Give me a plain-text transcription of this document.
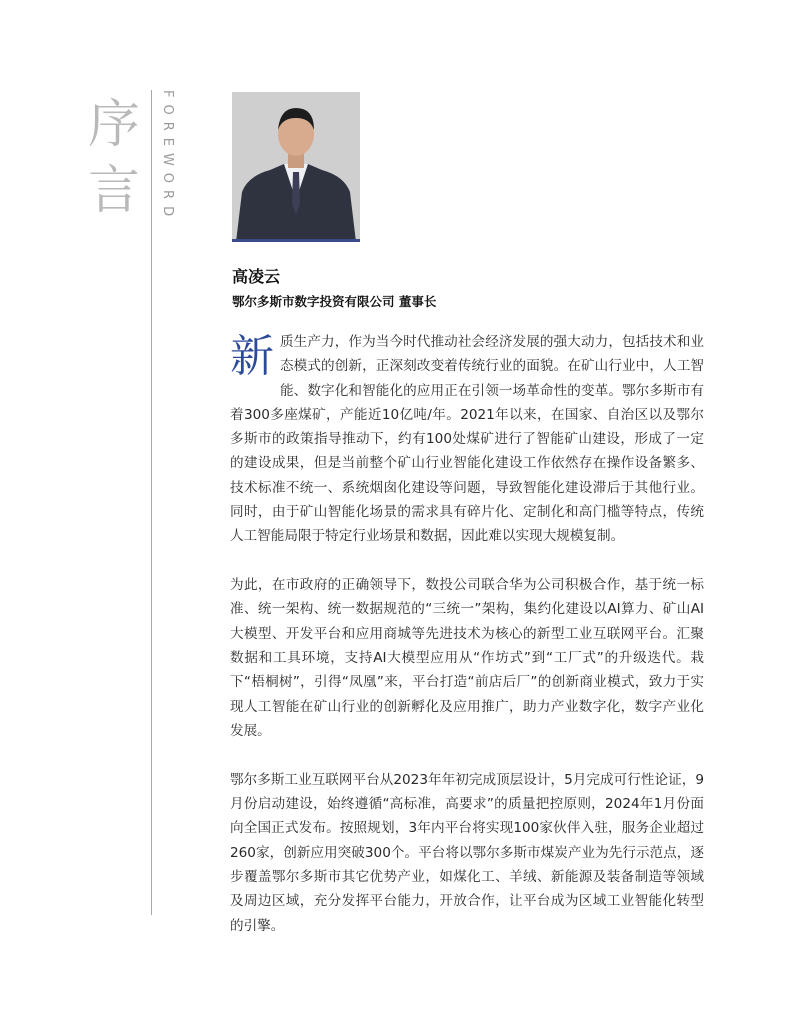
序
言	FOREWORD
高凌云
鄂尔多斯市数字投资有限公司 董事长

新 质生产力，作为当今时代推动社会经济发展的强大动力，包括技术和业态模式的创新，正深刻改变着传统行业的面貌。在矿山行业中，人工智能、数字化和智能化的应用正在引领一场革命性的变革。鄂尔多斯市有着300多座煤矿，产能近10亿吨/年。2021年以来，在国家、自治区以及鄂尔多斯市的政策指导推动下，约有100处煤矿进行了智能矿山建设，形成了一定的建设成果，但是当前整个矿山行业智能化建设工作依然存在操作设备繁多、技术标准不统一、系统烟囱化建设等问题，导致智能化建设滞后于其他行业。同时，由于矿山智能化场景的需求具有碎片化、定制化和高门槛等特点，传统人工智能局限于特定行业场景和数据，因此难以实现大规模复制。

为此，在市政府的正确领导下，数投公司联合华为公司积极合作，基于统一标准、统一架构、统一数据规范的“三统一”架构，集约化建设以AI算力、矿山AI大模型、开发平台和应用商城等先进技术为核心的新型工业互联网平台。汇聚数据和工具环境，支持AI大模型应用从“作坊式”到“工厂式”的升级迭代。栽下“梧桐树”，引得“凤凰”来，平台打造“前店后厂”的创新商业模式，致力于实现人工智能在矿山行业的创新孵化及应用推广，助力产业数字化，数字产业化发展。

鄂尔多斯工业互联网平台从2023年年初完成顶层设计，5月完成可行性论证，9月份启动建设，始终遵循“高标准，高要求”的质量把控原则，2024年1月份面向全国正式发布。按照规划，3年内平台将实现100家伙伴入驻，服务企业超过260家，创新应用突破300个。平台将以鄂尔多斯市煤炭产业为先行示范点，逐步覆盖鄂尔多斯市其它优势产业，如煤化工、羊绒、新能源及装备制造等领域及周边区域，充分发挥平台能力，开放合作，让平台成为区域工业智能化转型的引擎。
